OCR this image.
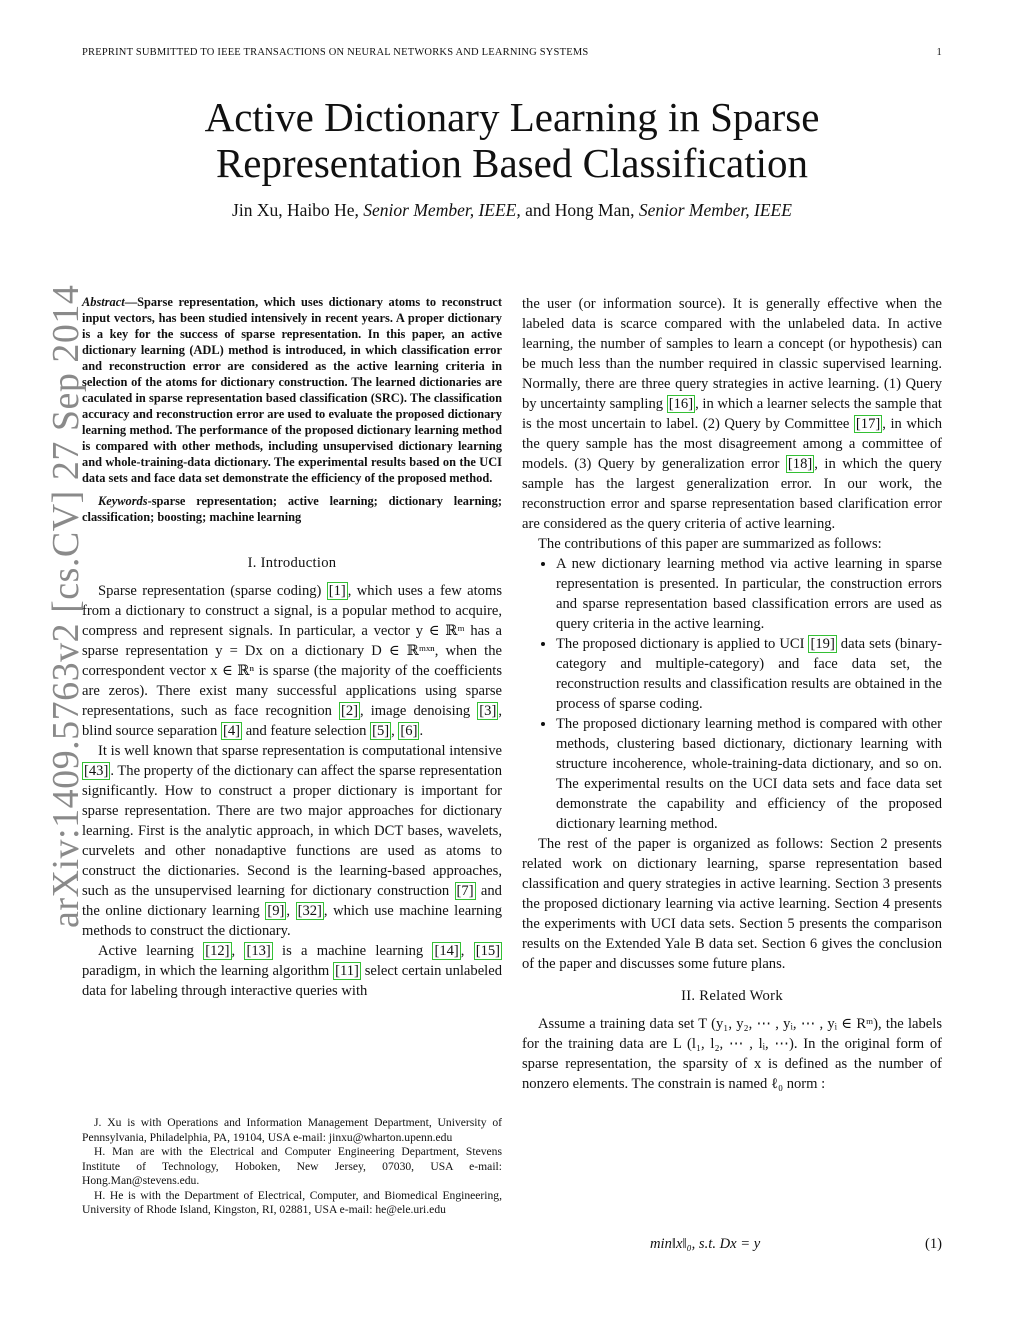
PREPRINT SUBMITTED TO IEEE TRANSACTIONS ON NEURAL NETWORKS AND LEARNING SYSTEMS	1
arXiv:1409.5763v2 [cs.CV] 27 Sep 2014
Active Dictionary Learning in Sparse
Representation Based Classification
Jin Xu, Haibo He, Senior Member, IEEE, and Hong Man, Senior Member, IEEE

Abstract—Sparse representation, which uses dictionary atoms to reconstruct input vectors, has been studied intensively in recent years. A proper dictionary is a key for the success of sparse representation. In this paper, an active dictionary learning (ADL) method is introduced, in which classification error and reconstruction error are considered as the active learning criteria in selection of the atoms for dictionary construction. The learned dictionaries are caculated in sparse representation based classification (SRC). The classification accuracy and reconstruction error are used to evaluate the proposed dictionary learning method. The performance of the proposed dictionary learning method is compared with other methods, including unsupervised dictionary learning and whole-training-data dictionary. The experimental results based on the UCI data sets and face data set demonstrate the efficiency of the proposed method.

Keywords-sparse representation; active learning; dictionary learning; classification; boosting; machine learning

I. Introduction

Sparse representation (sparse coding) [1] , which uses a few atoms from a dictionary to construct a signal, is a popular method to acquire, compress and represent signals. In particular, a vector y ∈ ℝᵐ has a sparse representation y = Dx on a dictionary D ∈ ℝᵐˣⁿ, when the correspondent vector x ∈ ℝⁿ is sparse (the majority of the coefficients are zeros). There exist many successful applications using sparse representations, such as face recognition [2] , image denoising [3] , blind source separation [4] and feature selection [5] , [6] .

It is well known that sparse representation is computational intensive [43] . The property of the dictionary can affect the sparse representation significantly. How to construct a proper dictionary is important for sparse representation. There are two major approaches for dictionary learning. First is the analytic approach, in which DCT bases, wavelets, curvelets and other nonadaptive functions are used as atoms to construct the dictionaries. Second is the learning-based approaches, such as the unsupervised learning for dictionary construction [7] and the online dictionary learning [9] , [32] , which use machine learning methods to construct the dictionary.

Active learning [12] , [13] is a machine learning [14] , [15] paradigm, in which the learning algorithm [11] select certain unlabeled data for labeling through interactive queries with

J. Xu is with Operations and Information Management Department, University of Pennsylvania, Philadelphia, PA, 19104, USA e-mail: jinxu@wharton.upenn.edu

H. Man are with the Electrical and Computer Engineering Department, Stevens Institute of Technology, Hoboken, New Jersey, 07030, USA e-mail: Hong.Man@stevens.edu.

H. He is with the Department of Electrical, Computer, and Biomedical Engineering, University of Rhode Island, Kingston, RI, 02881, USA e-mail: he@ele.uri.edu

the user (or information source). It is generally effective when the labeled data is scarce compared with the unlabeled data. In active learning, the number of samples to learn a concept (or hypothesis) can be much less than the number required in classic supervised learning. Normally, there are three query strategies in active learning. (1) Query by uncertainty sampling [16] , in which a learner selects the sample that is the most uncertain to label. (2) Query by Committee [17] , in which the query sample has the most disagreement among a committee of models. (3) Query by generalization error [18] , in which the query sample has the largest generalization error. In our work, the reconstruction error and sparse representation based clarification error are considered as the query criteria of active learning.

The contributions of this paper are summarized as follows:

• A new dictionary learning method via active learning in sparse representation is presented. In particular, the construction errors and sparse representation based classification errors are used as query criteria in the active learning.
• The proposed dictionary is applied to UCI [19] data sets (binary-category and multiple-category) and face data set, the reconstruction results and classification results are obtained in the process of sparse coding.
• The proposed dictionary learning method is compared with other methods, clustering based dictionary, dictionary learning with structure incoherence, whole-training-data dictionary, and so on. The experimental results on the UCI data sets and face data set demonstrate the capability and efficiency of the proposed dictionary learning method.

The rest of the paper is organized as follows: Section 2 presents related work on dictionary learning, sparse representation based classification and query strategies in active learning. Section 3 presents the proposed dictionary learning via active learning. Section 4 presents the experiments with UCI data sets. Section 5 presents the comparison results on the Extended Yale B data set. Section 6 gives the conclusion of the paper and discusses some future plans.

II. Related Work

Assume a training data set T (y₁, y₂, ⋯ , yᵢ, ⋯ , yᵢ ∈ Rᵐ), the labels for the training data are L (l₁, l₂, ⋯ , lᵢ, ⋯). In the original form of sparse representation, the sparsity of x is defined as the number of nonzero elements. The constrain is named ℓ₀ norm :

min‖x‖₀, s.t. Dx = y	(1)
